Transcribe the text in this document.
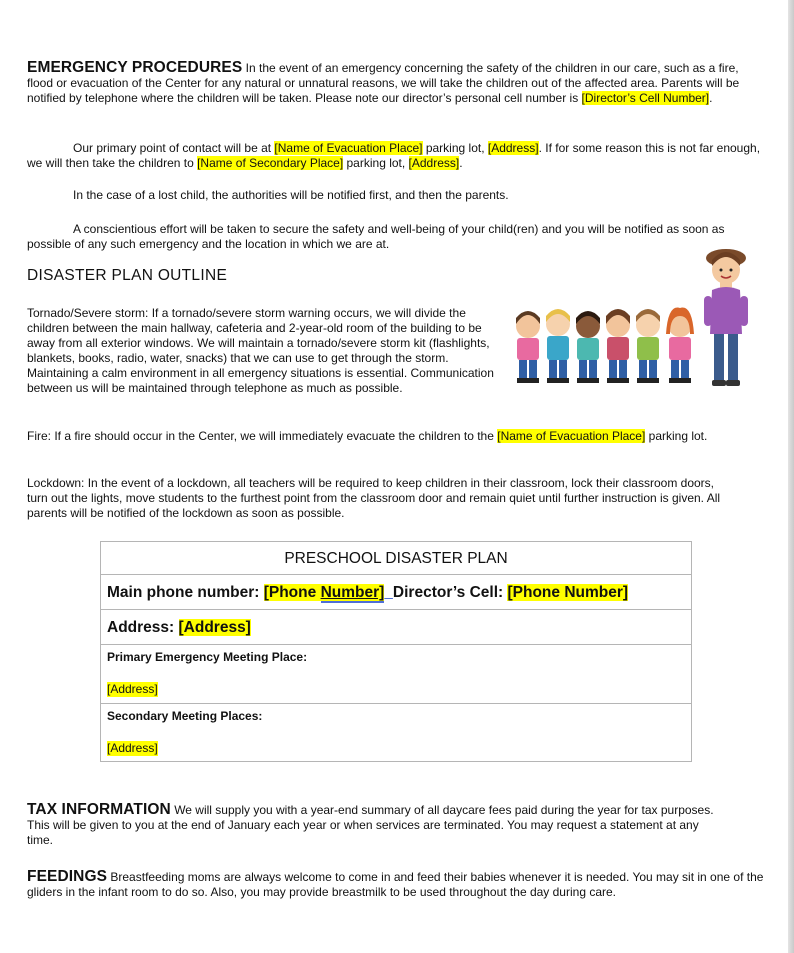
EMERGENCY PROCEDURES In the event of an emergency concerning the safety of the children in our care, such as a fire, flood or evacuation of the Center for any natural or unnatural reasons, we will take the children out of the affected area. Parents will be notified by telephone where the children will be taken. Please note our director’s personal cell number is [Director’s Cell Number].

Our primary point of contact will be at [Name of Evacuation Place] parking lot, [Address]. If for some reason this is not far enough, we will then take the children to [Name of Secondary Place] parking lot, [Address].

In the case of a lost child, the authorities will be notified first, and then the parents.

A conscientious effort will be taken to secure the safety and well-being of your child(ren) and you will be notified as soon as possible of any such emergency and the location in which we are at.

DISASTER PLAN OUTLINE

Tornado/Severe storm: If a tornado/severe storm warning occurs, we will divide the children between the main hallway, cafeteria and 2-year-old room of the building to be away from all exterior windows. We will maintain a tornado/severe storm kit (flashlights, blankets, books, radio, water, snacks) that we can use to get through the storm. Maintaining a calm environment in all emergency situations is essential. Communication between us will be maintained through telephone as much as possible.

Fire: If a fire should occur in the Center, we will immediately evacuate the children to the [Name of Evacuation Place] parking lot.

Lockdown: In the event of a lockdown, all teachers will be required to keep children in their classroom, lock their classroom doors, turn out the lights, move students to the furthest point from the classroom door and remain quiet until further instruction is given. All parents will be notified of the lockdown as soon as possible.

PRESCHOOL DISASTER PLAN
Main phone number: [Phone Number] Director’s Cell: [Phone Number]
Address: [Address]
Primary Emergency Meeting Place:
[Address]
Secondary Meeting Places:
[Address]

TAX INFORMATION We will supply you with a year-end summary of all daycare fees paid during the year for tax purposes. This will be given to you at the end of January each year or when services are terminated. You may request a statement at any time.

FEEDINGS Breastfeeding moms are always welcome to come in and feed their babies whenever it is needed. You may sit in one of the gliders in the infant room to do so. Also, you may provide breastmilk to be used throughout the day during care.
